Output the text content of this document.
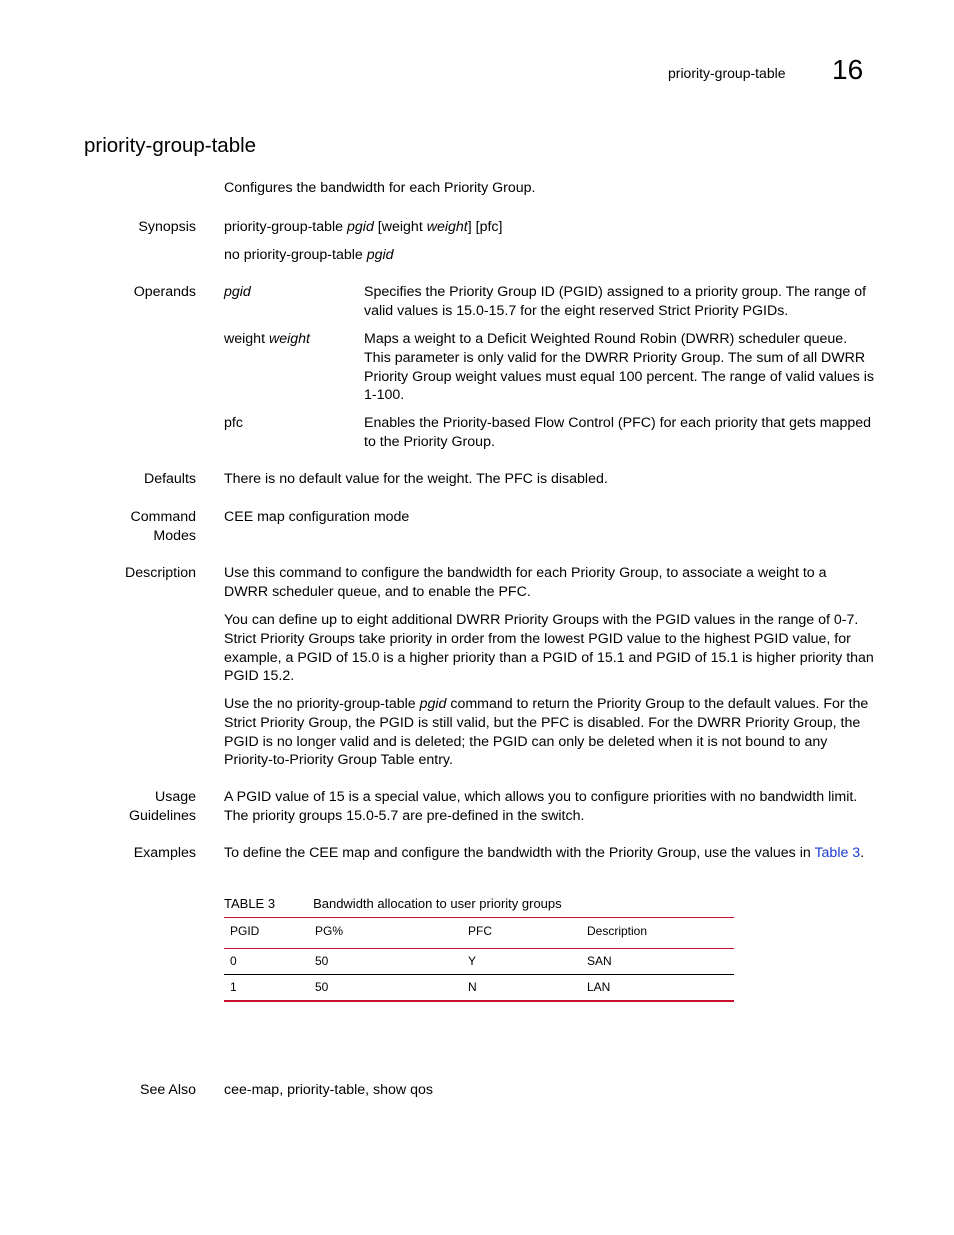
priority-group-table 16
priority-group-table
Configures the bandwidth for each Priority Group.
Synopsis priority-group-table pgid [weight weight] [pfc]
no priority-group-table pgid
Operands pgid	Specifies the Priority Group ID (PGID) assigned to a priority group. The range of valid values is 15.0-15.7 for the eight reserved Strict Priority PGIDs.
weight weight	Maps a weight to a Deficit Weighted Round Robin (DWRR) scheduler queue. This parameter is only valid for the DWRR Priority Group. The sum of all DWRR Priority Group weight values must equal 100 percent. The range of valid values is 1-100.
pfc	Enables the Priority-based Flow Control (PFC) for each priority that gets mapped to the Priority Group.
Defaults There is no default value for the weight. The PFC is disabled.
Command
Modes
CEE map configuration mode
Description Use this command to configure the bandwidth for each Priority Group, to associate a weight to a DWRR scheduler queue, and to enable the PFC.
You can define up to eight additional DWRR Priority Groups with the PGID values in the range of 0-7. Strict Priority Groups take priority in order from the lowest PGID value to the highest PGID value, for example, a PGID of 15.0 is a higher priority than a PGID of 15.1 and PGID of 15.1 is higher priority than PGID 15.2.
Use the no priority-group-table pgid command to return the Priority Group to the default values. For the Strict Priority Group, the PGID is still valid, but the PFC is disabled. For the DWRR Priority Group, the PGID is no longer valid and is deleted; the PGID can only be deleted when it is not bound to any Priority-to-Priority Group Table entry.
Usage
Guidelines
A PGID value of 15 is a special value, which allows you to configure priorities with no bandwidth limit. The priority groups 15.0-5.7 are pre-defined in the switch.
Examples To define the CEE map and configure the bandwidth with the Priority Group, use the values in Table 3.
TABLE 3	Bandwidth allocation to user priority groups
PGID	PG%	PFC	Description
0	50	Y	SAN
1	50	N	LAN
See Also cee-map, priority-table, show qos
